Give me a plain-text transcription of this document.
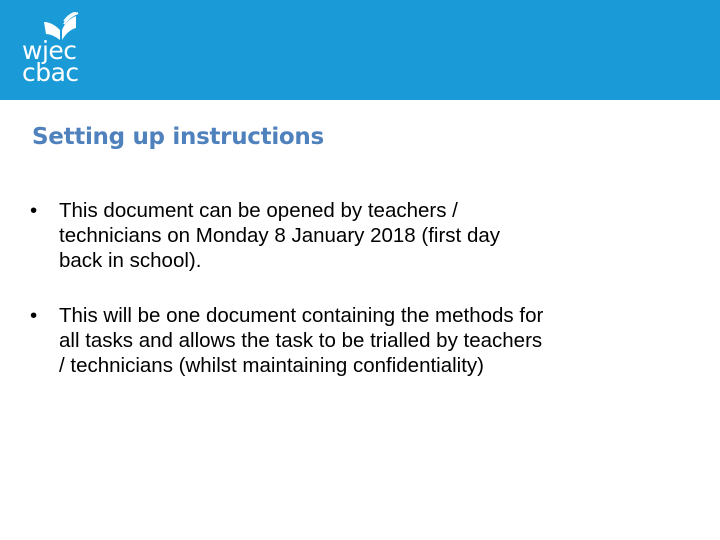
wjec
cbac
Setting up instructions
• This document can be opened by teachers /
technicians on Monday 8 January 2018 (first day
back in school).
• This will be one document containing the methods for
all tasks and allows the task to be trialled by teachers
/ technicians (whilst maintaining confidentiality)
